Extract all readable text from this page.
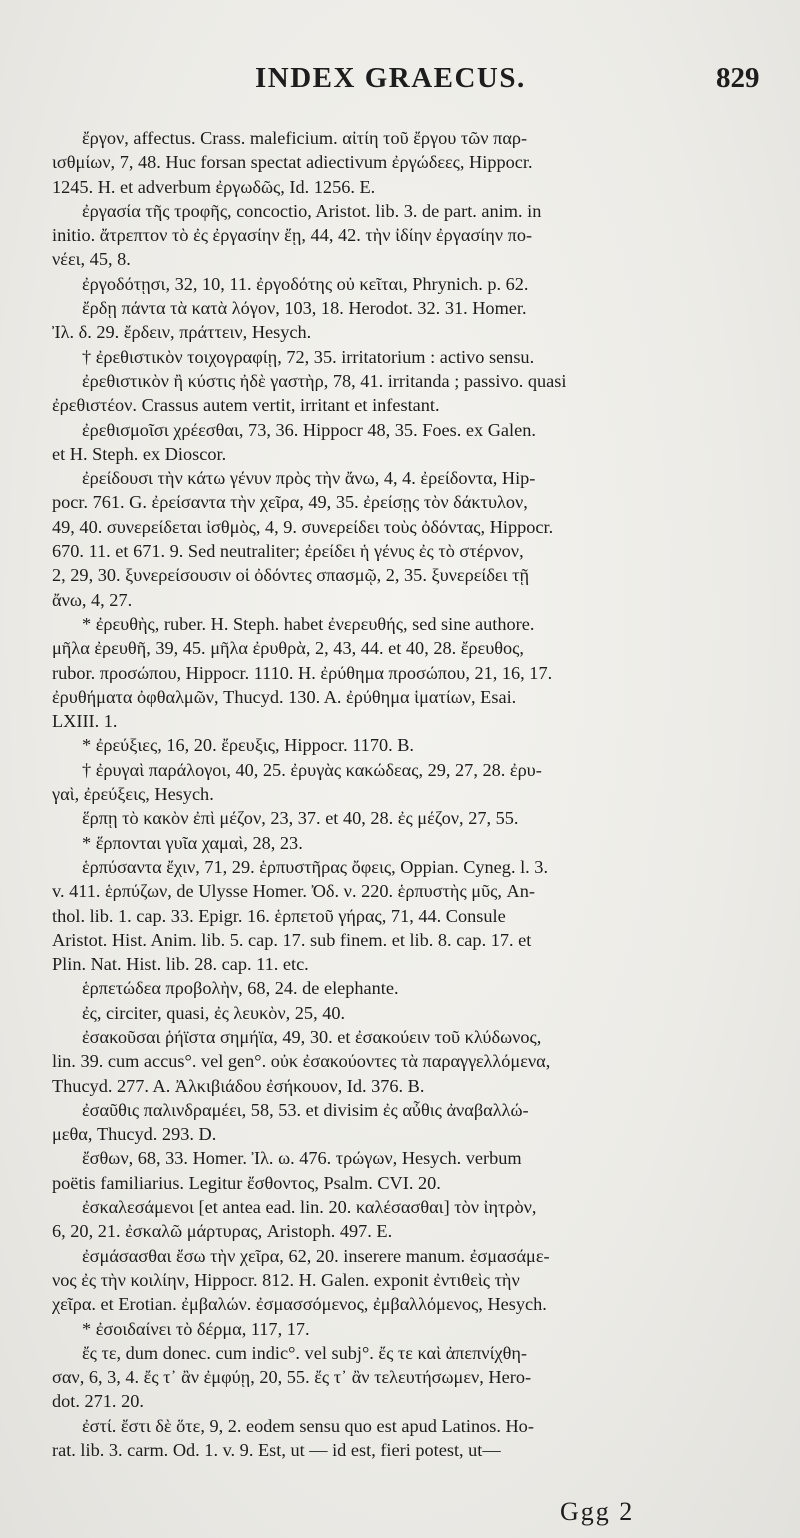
INDEX GRAECUS.	829
ἔργον, affectus. Crass. maleficium. αἰτίη τοῦ ἔργου τῶν παρ-
ισθμίων, 7, 48. Huc forsan spectat adiectivum ἐργώδεες, Hippocr.
1245. H. et adverbum ἐργωδῶς, Id. 1256. E.
ἐργασία τῆς τροφῆς, concoctio, Aristot. lib. 3. de part. anim. in
initio. ἄτρεπτον τὸ ἐς ἐργασίην ἔῃ, 44, 42. τὴν ἰδίην ἐργασίην πο-
νέει, 45, 8.
ἐργοδότῃσι, 32, 10, 11. ἐργοδότης οὐ κεῖται, Phrynich. p. 62.
ἔρδῃ πάντα τὰ κατὰ λόγον, 103, 18. Herodot. 32. 31. Homer.
Ἰλ. δ. 29. ἔρδειν, πράττειν, Hesych.
† ἐρεθιστικὸν τοιχογραφίῃ, 72, 35. irritatorium : activo sensu.
ἐρεθιστικὸν ἢ κύστις ἠδὲ γαστὴρ, 78, 41. irritanda ; passivo. quasi
ἐρεθιστέον. Crassus autem vertit, irritant et infestant.
ἐρεθισμοῖσι χρέεσθαι, 73, 36. Hippocr 48, 35. Foes. ex Galen.
et H. Steph. ex Dioscor.
ἐρείδουσι τὴν κάτω γένυν πρὸς τὴν ἄνω, 4, 4. ἐρείδοντα, Hip-
pocr. 761. G. ἐρείσαντα τὴν χεῖρα, 49, 35. ἐρείσῃς τὸν δάκτυλον,
49, 40. συνερείδεται ἰσθμὸς, 4, 9. συνερείδει τοὺς ὀδόντας, Hippocr.
670. 11. et 671. 9. Sed neutraliter; ἐρείδει ἡ γένυς ἐς τὸ στέρνον,
2, 29, 30. ξυνερείσουσιν οἱ ὀδόντες σπασμῷ, 2, 35. ξυνερείδει τῇ
ἄνω, 4, 27.
* ἐρευθὴς, ruber. H. Steph. habet ἐνερευθής, sed sine authore.
μῆλα ἐρευθῆ, 39, 45. μῆλα ἐρυθρὰ, 2, 43, 44. et 40, 28. ἔρευθος,
rubor. προσώπου, Hippocr. 1110. H. ἐρύθημα προσώπου, 21, 16, 17.
ἐρυθήματα ὀφθαλμῶν, Thucyd. 130. A. ἐρύθημα ἱματίων, Esai.
LXIII. 1.
* ἐρεύξιες, 16, 20. ἔρευξις, Hippocr. 1170. B.
† ἐρυγαὶ παράλογοι, 40, 25. ἐρυγὰς κακώδεας, 29, 27, 28. ἐρυ-
γαὶ, ἐρεύξεις, Hesych.
ἕρπῃ τὸ κακὸν ἐπὶ μέζον, 23, 37. et 40, 28. ἐς μέζον, 27, 55.
* ἕρπονται γυῖα χαμαὶ, 28, 23.
ἑρπύσαντα ἔχιν, 71, 29. ἑρπυστῆρας ὄφεις, Oppian. Cyneg. l. 3.
v. 411. ἑρπύζων, de Ulysse Homer. Ὀδ. ν. 220. ἑρπυστὴς μῦς, An-
thol. lib. 1. cap. 33. Epigr. 16. ἑρπετοῦ γήρας, 71, 44. Consule
Aristot. Hist. Anim. lib. 5. cap. 17. sub finem. et lib. 8. cap. 17. et
Plin. Nat. Hist. lib. 28. cap. 11. etc.
ἑρπετώδεα προβολὴν, 68, 24. de elephante.
ἐς, circiter, quasi, ἐς λευκὸν, 25, 40.
ἐσακοῦσαι ῥήϊστα σημήϊα, 49, 30. et ἐσακούειν τοῦ κλύδωνος,
lin. 39. cum accus°. vel gen°. οὐκ ἐσακούοντες τὰ παραγγελλόμενα,
Thucyd. 277. A. Ἀλκιβιάδου ἐσήκουον, Id. 376. B.
ἐσαῦθις παλινδραμέει, 58, 53. et divisim ἐς αὖθις ἀναβαλλώ-
μεθα, Thucyd. 293. D.
ἔσθων, 68, 33. Homer. Ἰλ. ω. 476. τρώγων, Hesych. verbum
poëtis familiarius. Legitur ἔσθοντος, Psalm. CVI. 20.
ἐσκαλεσάμενοι [et antea ead. lin. 20. καλέσασθαι] τὸν ἰητρὸν,
6, 20, 21. ἐσκαλῶ μάρτυρας, Aristoph. 497. E.
ἐσμάσασθαι ἔσω τὴν χεῖρα, 62, 20. inserere manum. ἐσμασάμε-
νος ἐς τὴν κοιλίην, Hippocr. 812. H. Galen. exponit ἐντιθεὶς τὴν
χεῖρα. et Erotian. ἐμβαλών. ἐσμασσόμενος, ἐμβαλλόμενος, Hesych.
* ἐσοιδαίνει τὸ δέρμα, 117, 17.
ἔς τε, dum donec. cum indic°. vel subj°. ἔς τε καὶ ἀπεπνίχθη-
σαν, 6, 3, 4. ἔς τ᾽ ἂν ἐμφύῃ, 20, 55. ἔς τ᾽ ἂν τελευτήσωμεν, Hero-
dot. 271. 20.
ἐστί. ἔστι δὲ ὅτε, 9, 2. eodem sensu quo est apud Latinos. Ho-
rat. lib. 3. carm. Od. 1. v. 9. Est, ut — id est, fieri potest, ut—
Ggg 2
